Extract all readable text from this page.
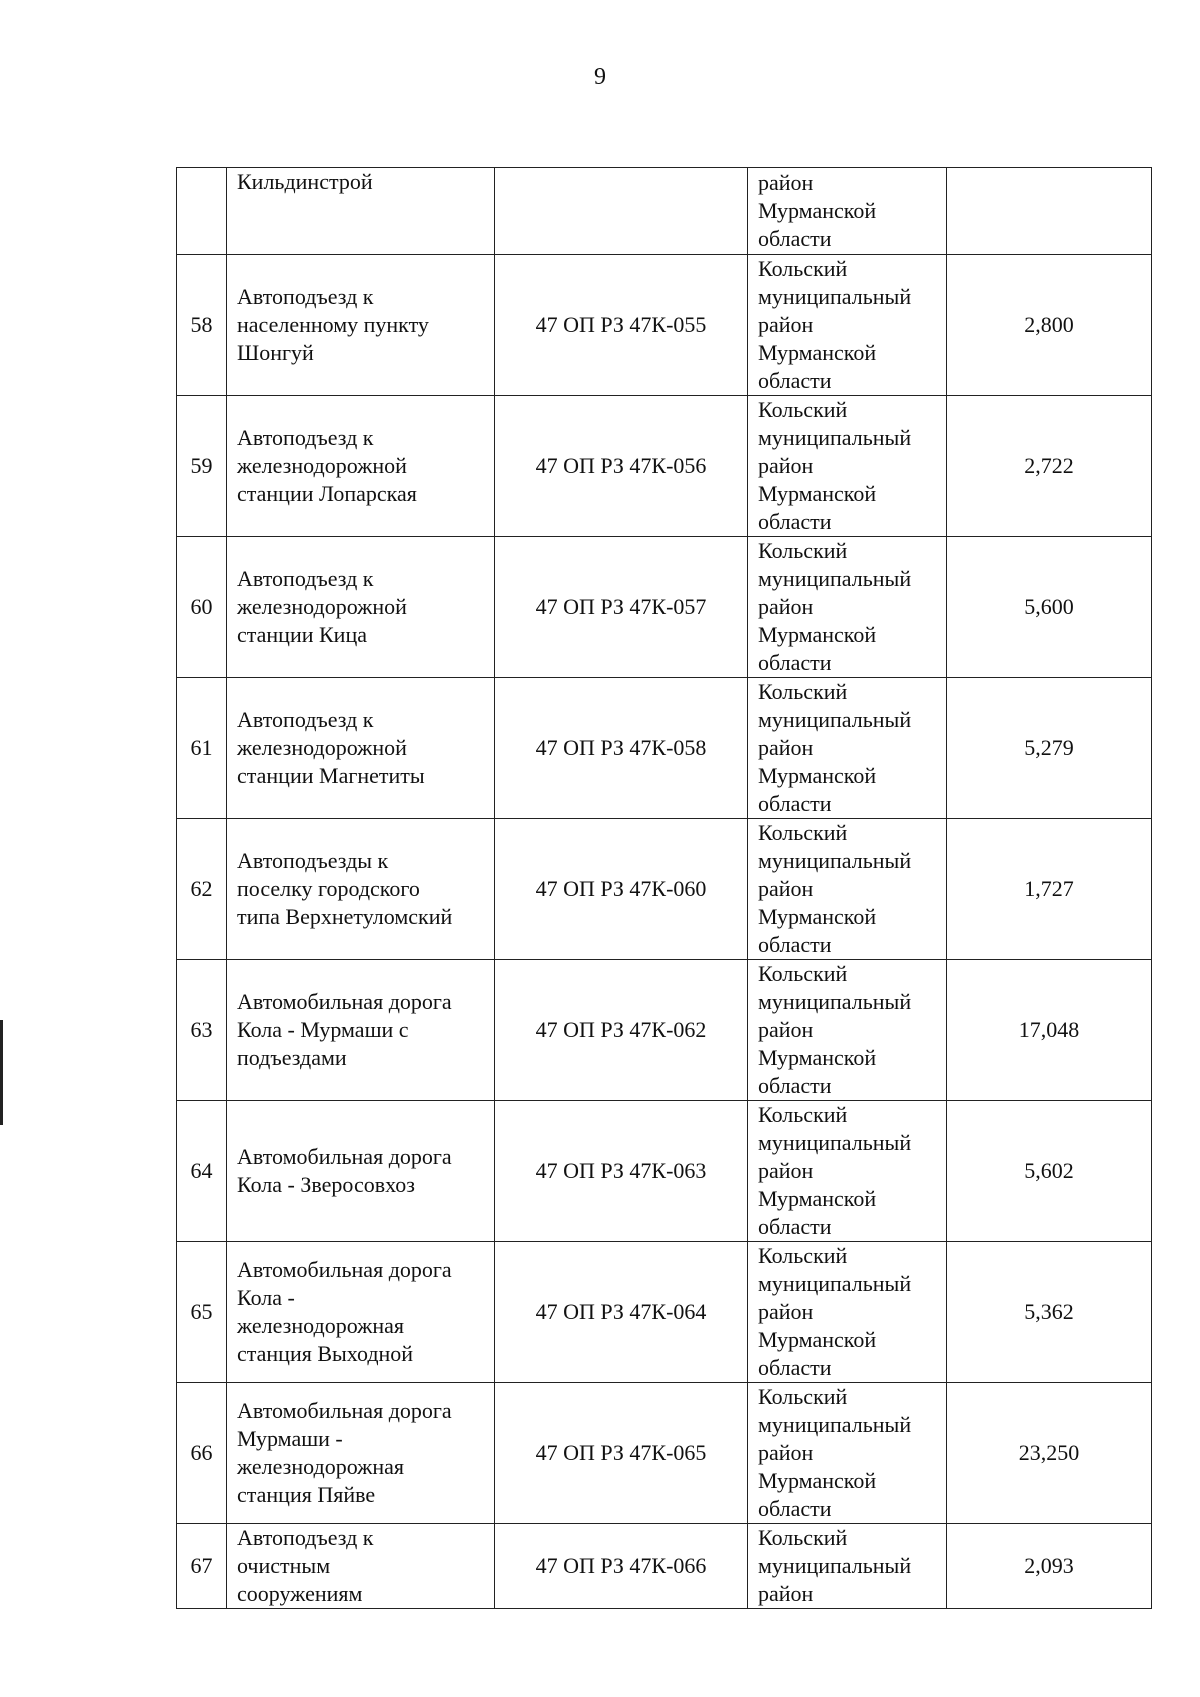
9

	Кильдинстрой		район
Мурманской
области	

58	Автоподъезд к
населенному пункту
Шонгуй	47 ОП РЗ 47К-055	Кольский
муниципальный
район
Мурманской
области	2,800

59	Автоподъезд к
железнодорожной
станции Лопарская	47 ОП РЗ 47К-056	Кольский
муниципальный
район
Мурманской
области	2,722

60	Автоподъезд к
железнодорожной
станции Кица	47 ОП РЗ 47К-057	Кольский
муниципальный
район
Мурманской
области	5,600

61	Автоподъезд к
железнодорожной
станции Магнетиты	47 ОП РЗ 47К-058	Кольский
муниципальный
район
Мурманской
области	5,279

62	Автоподъезды к
поселку городского
типа Верхнетуломский	47 ОП РЗ 47К-060	Кольский
муниципальный
район
Мурманской
области	1,727

63	Автомобильная дорога
Кола - Мурмаши с
подъездами	47 ОП РЗ 47К-062	Кольский
муниципальный
район
Мурманской
области	17,048

64	Автомобильная дорога
Кола - Зверосовхоз	47 ОП РЗ 47К-063	Кольский
муниципальный
район
Мурманской
области	5,602

65	Автомобильная дорога
Кола -
железнодорожная
станция Выходной	47 ОП РЗ 47К-064	Кольский
муниципальный
район
Мурманской
области	5,362

66	Автомобильная дорога
Мурмаши -
железнодорожная
станция Пяйве	47 ОП РЗ 47К-065	Кольский
муниципальный
район
Мурманской
области	23,250

67	Автоподъезд к
очистным
сооружениям	47 ОП РЗ 47К-066	Кольский
муниципальный
район	2,093
